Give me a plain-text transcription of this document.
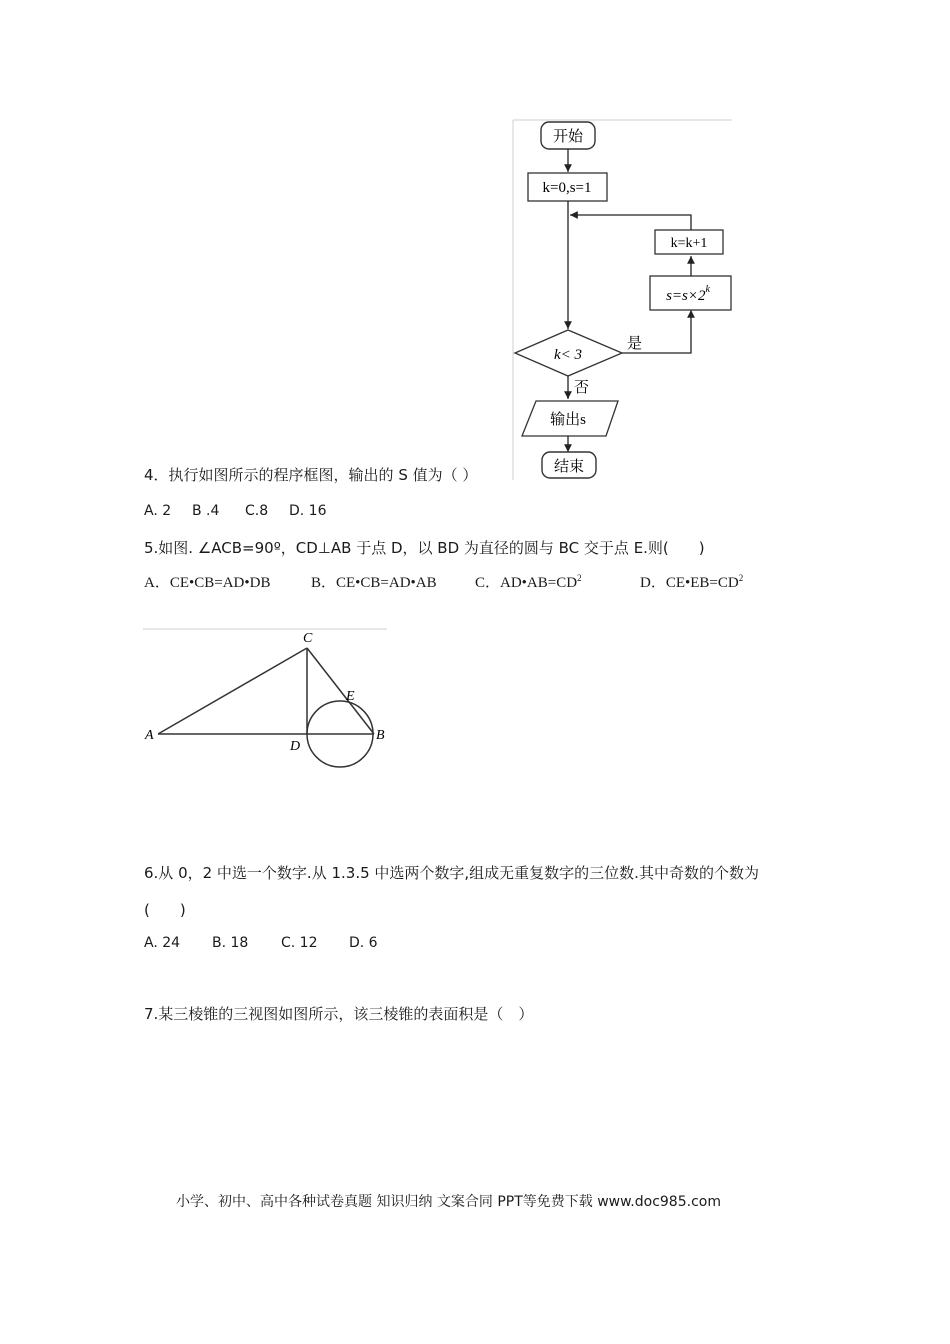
开始
k=0,s=1
k< 3
是
$s=s\times 2^k$
k=k+1
否
输出s
结束
4．执行如图所示的程序框图，输出的 S 值为（ ）
A. 2 B .4 C.8 D. 16
5.如图. ∠ACB=90º，CD⊥AB 于点 D，以 BD 为直径的圆与 BC 交于点 E.则(　　)
A．CE•CB=AD•DB	B．CE•CB=AD•AB	C．$AD•AB=CD^2$	D．$CE•EB=CD^2$
A	B
C
D
E
6.从 0，2 中选一个数字.从 1.3.5 中选两个数字,组成无重复数字的三位数.其中奇数的个数为
(　　)
A. 24 B. 18 C. 12 D. 6
7.某三棱锥的三视图如图所示，该三棱锥的表面积是（　）
小学、初中、高中各种试卷真题 知识归纳 文案合同 PPT等免费下载 www.doc985.com
